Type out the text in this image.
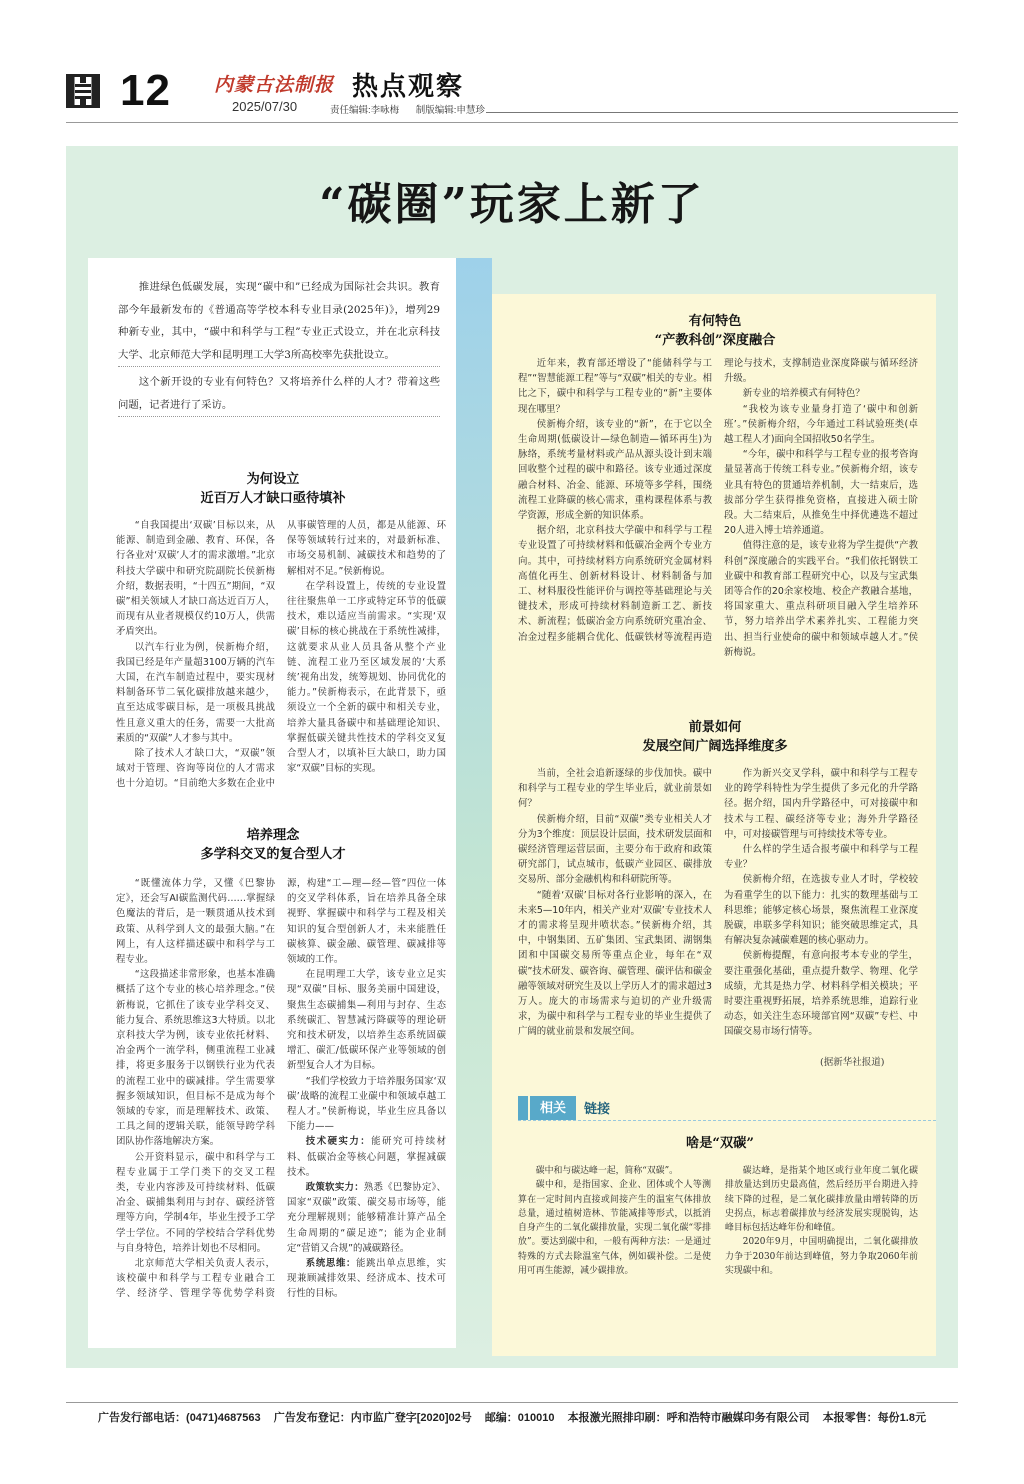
12 内蒙古法制报
2025/07/30
热点观察
责任编辑:李咏梅 制版编辑:申慧珍
“碳圈”玩家上新了

推进绿色低碳发展，实现“碳中和”已经成为国际社会共识。教育部今年最新发布的《普通高等学校本科专业目录(2025年)》，增列29种新专业，其中，“碳中和科学与工程”专业正式设立，并在北京科技大学、北京师范大学和昆明理工大学3所高校率先获批设立。

这个新开设的专业有何特色？又将培养什么样的人才？带着这些问题，记者进行了采访。

为何设立
近百万人才缺口亟待填补

“自我国提出‘双碳’目标以来，从能源、制造到金融、教育、环保，各行各业对‘双碳’人才的需求激增。”北京科技大学碳中和研究院副院长侯新梅介绍，数据表明，“十四五”期间，“双碳”相关领域人才缺口高达近百万人，而现有从业者规模仅约10万人，供需矛盾突出。

以汽车行业为例，侯新梅介绍，我国已经是年产量超3100万辆的汽车大国，在汽车制造过程中，要实现材料制备环节二氧化碳排放越来越少，直至达成零碳目标，是一项极具挑战性且意义重大的任务，需要一大批高素质的“双碳”人才参与其中。

除了技术人才缺口大，“双碳”领域对于管理、咨询等岗位的人才需求也十分迫切。“目前绝大多数在企业中从事碳管理的人员，都是从能源、环保等领域转行过来的，对最新标准、市场交易机制、减碳技术和趋势的了解相对不足。”侯新梅说。

在学科设置上，传统的专业设置往往聚焦单一工序或特定环节的低碳技术，难以适应当前需求。“实现‘双碳’目标的核心挑战在于系统性减排，这就要求从业人员具备从整个产业链、流程工业乃至区域发展的‘大系统’视角出发，统筹规划、协同优化的能力。”侯新梅表示，在此背景下，亟须设立一个全新的碳中和相关专业，培养大量具备碳中和基础理论知识、掌握低碳关键共性技术的学科交叉复合型人才，以填补巨大缺口，助力国家“双碳”目标的实现。

培养理念
多学科交叉的复合型人才

“既懂流体力学，又懂《巴黎协定》，还会写AI碳监测代码……掌握绿色魔法的背后，是一颗贯通从技术到政策、从科学到人文的最强大脑。”在网上，有人这样描述碳中和科学与工程专业。

“这段描述非常形象，也基本准确概括了这个专业的核心培养理念。”侯新梅说，它抓住了该专业学科交叉、能力复合、系统思维这3大特质。以北京科技大学为例，该专业依托材料、冶金两个一流学科，侧重流程工业减排，将更多服务于以钢铁行业为代表的流程工业中的碳减排。学生需要掌握多领域知识，但目标不是成为每个领域的专家，而是理解技术、政策、工具之间的逻辑关联，能领导跨学科团队协作落地解决方案。

公开资料显示，碳中和科学与工程专业属于工学门类下的交叉工程类，专业内容涉及可持续材料、低碳冶金、碳捕集利用与封存、碳经济管理等方向，学制4年，毕业生授予工学学士学位。不同的学校结合学科优势与自身特色，培养计划也不尽相同。

北京师范大学相关负责人表示，该校碳中和科学与工程专业融合工学、经济学、管理学等优势学科资源，构建“工—理—经—管”四位一体的交叉学科体系，旨在培养具备全球视野、掌握碳中和科学与工程及相关知识的复合型创新人才，未来能胜任碳核算、碳金融、碳管理、碳减排等领域的工作。

在昆明理工大学，该专业立足实现“双碳”目标、服务美丽中国建设，聚焦生态碳捕集—利用与封存、生态系统碳汇、智慧减污降碳等的理论研究和技术研发，以培养生态系统固碳增汇、碳汇/低碳环保产业等领域的创新型复合人才为目标。

“我们学校致力于培养服务国家‘双碳’战略的流程工业碳中和领域卓越工程人才。”侯新梅说，毕业生应具备以下能力——

技术硬实力：能研究可持续材料、低碳冶金等核心问题，掌握减碳技术。

政策软实力：熟悉《巴黎协定》、国家“双碳”政策、碳交易市场等，能充分理解规则；能够精准计算产品全生命周期的“碳足迹”；能为企业制定“营销又合规”的减碳路径。

系统思维：能跳出单点思维，实现兼顾减排效果、经济成本、技术可行性的目标。

有何特色
“产教科创”深度融合

近年来，教育部还增设了“能储科学与工程”“智慧能源工程”等与“双碳”相关的专业。相比之下，碳中和科学与工程专业的“新”主要体现在哪里？

侯新梅介绍，该专业的“新”，在于它以全生命周期(低碳设计—绿色制造—循环再生)为脉络，系统考量材料或产品从源头设计到末端回收整个过程的碳中和路径。该专业通过深度融合材料、冶金、能源、环境等多学科，围绕流程工业降碳的核心需求，重构课程体系与教学资源，形成全新的知识体系。

据介绍，北京科技大学碳中和科学与工程专业设置了可持续材料和低碳冶金两个专业方向。其中，可持续材料方向系统研究金属材料高值化再生、创新材料设计、材料制备与加工、材料服役性能评价与调控等基础理论与关键技术，形成可持续材料制造新工艺、新技术、新流程；低碳冶金方向系统研究重冶金、冶金过程多能耦合优化、低碳铁材等流程再造理论与技术，支撑制造业深度降碳与循环经济升级。

新专业的培养模式有何特色？

“我校为该专业量身打造了‘碳中和创新班’。”侯新梅介绍，今年通过工科试验班类(卓越工程人才)面向全国招收50名学生。

“今年，碳中和科学与工程专业的报考咨询量显著高于传统工科专业。”侯新梅介绍，该专业具有特色的贯通培养机制，大一结束后，选拔部分学生获得推免资格，直接进入硕士阶段。大二结束后，从推免生中择优遴选不超过20人进入博士培养通道。

值得注意的是，该专业将为学生提供“产教科创”深度融合的实践平台。“我们依托钢铁工业碳中和教育部工程研究中心，以及与宝武集团等合作的20余家校地、校企产教融合基地，将国家重大、重点科研项目融入学生培养环节，努力培养出学术素养扎实、工程能力突出、担当行业使命的碳中和领域卓越人才。”侯新梅说。

前景如何
发展空间广阔选择维度多

当前，全社会追新逐绿的步伐加快。碳中和科学与工程专业的学生毕业后，就业前景如何？

侯新梅介绍，目前“双碳”类专业相关人才分为3个维度：顶层设计层面，技术研发层面和碳经济管理运营层面，主要分布于政府和政策研究部门，试点城市，低碳产业园区、碳排放交易所、部分金融机构和科研院所等。

“随着‘双碳’目标对各行业影响的深入，在未来5—10年内，相关产业对‘双碳’专业技术人才的需求将呈现井喷状态。”侯新梅介绍，其中，中钢集团、五矿集团、宝武集团、湖钢集团和中国碳交易所等重点企业，每年在“双碳”技术研发、碳咨询、碳管理、碳评估和碳金融等领域对研究生及以上学历人才的需求超过3万人。庞大的市场需求与迫切的产业升级需求，为碳中和科学与工程专业的毕业生提供了广阔的就业前景和发展空间。

作为新兴交叉学科，碳中和科学与工程专业的跨学科特性为学生提供了多元化的升学路径。据介绍，国内升学路径中，可对接碳中和技术与工程、碳经济等专业；海外升学路径中，可对接碳管理与可持续技术等专业。

什么样的学生适合报考碳中和科学与工程专业？

侯新梅介绍，在选拔专业人才时，学校较为看重学生的以下能力：扎实的数理基础与工科思维；能够定核心场景，聚焦流程工业深度脱碳，串联多学科知识；能突破思维定式，具有解决复杂减碳难题的核心驱动力。

侯新梅提醒，有意向报考本专业的学生，要注重强化基础，重点提升数学、物理、化学成绩，尤其是热力学、材料科学相关模块；平时要注重视野拓展，培养系统思维，追踪行业动态，如关注生态环境部官网“双碳”专栏、中国碳交易市场行情等。

(据新华社报道)
相关	链接
啥是“双碳”

碳中和与碳达峰一起，简称“双碳”。

碳中和，是指国家、企业、团体或个人等测算在一定时间内直接或间接产生的温室气体排放总量，通过植树造林、节能减排等形式，以抵消自身产生的二氧化碳排放量，实现二氧化碳“零排放”。要达到碳中和，一般有两种方法：一是通过特殊的方式去除温室气体，例如碳补偿。二是使用可再生能源，减少碳排放。

碳达峰，是指某个地区或行业年度二氧化碳排放量达到历史最高值，然后经历平台期进入持续下降的过程，是二氧化碳排放量由增转降的历史拐点，标志着碳排放与经济发展实现脱钩，达峰目标包括达峰年份和峰值。

2020年9月，中国明确提出，二氧化碳排放力争于2030年前达到峰值，努力争取2060年前实现碳中和。

广告发行部电话：(0471)4687563 广告发布登记：内市监广登字[2020]02号 邮编：010010 本报激光照排印刷：呼和浩特市融媒印务有限公司 本报零售：每份1.8元
